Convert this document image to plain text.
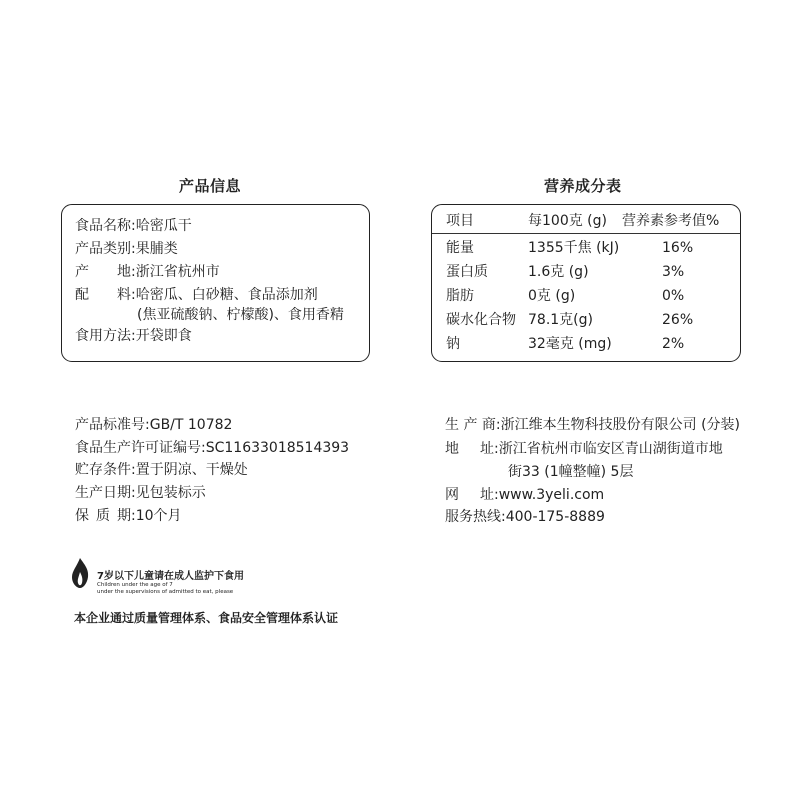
产品信息
食品名称:哈密瓜干
产品类别:果脯类
产　　地:浙江省杭州市
配　　料:哈密瓜、白砂糖、食品添加剂
(焦亚硫酸钠、柠檬酸)、食用香精
食用方法:开袋即食
营养成分表
项目	每100克 (g) 营养素参考值%
能量	1355千焦 (kJ)	16%
蛋白质	1.6克 (g)	3%
脂肪	0克 (g)	0%
碳水化合物 78.1克(g)	26%
钠	32毫克 (mg)	2%
产品标准号:GB/T 10782
食品生产许可证编号:SC11633018514393
贮存条件:置于阴凉、干燥处
生产日期:见包装标示
保 质 期:10个月
生 产 商:浙江维本生物科技股份有限公司 (分装)
地　 址:浙江省杭州市临安区青山湖街道市地
街33 (1幢整幢) 5层
网　 址:www.3yeli.com
服务热线:400-175-8889
7岁以下儿童请在成人监护下食用
Children under the age of 7
under the supervisions of admitted to eat, please
本企业通过质量管理体系、食品安全管理体系认证
